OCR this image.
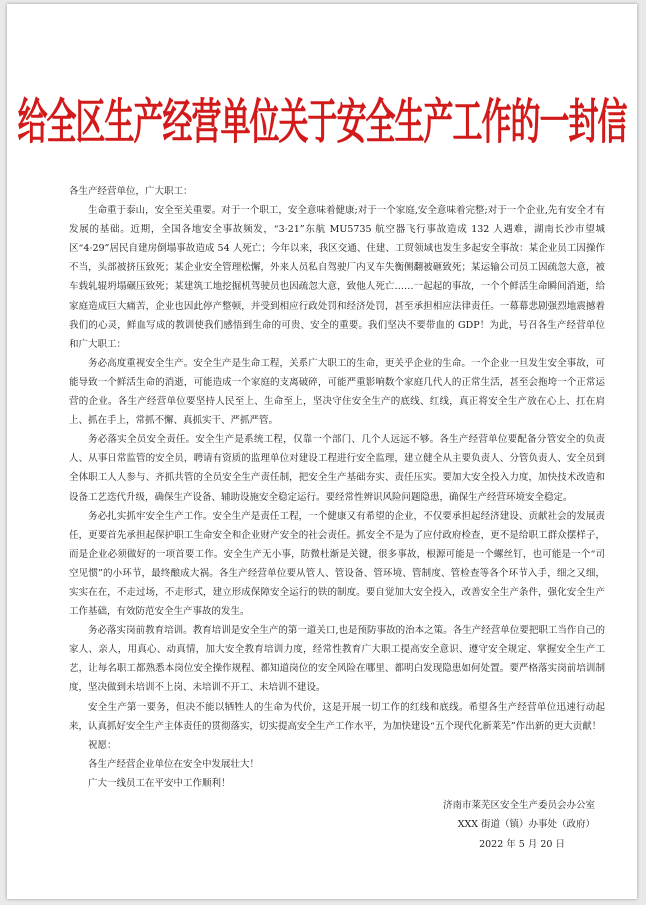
给全区生产经营单位关于安全生产工作的一封信

各生产经营单位，广大职工：

生命重于泰山，安全至关重要。对于一个职工，安全意味着健康;对于一个家庭,安全意味着完整;对于一个企业,先有安全才有发展的基础。近期，全国各地安全事故频发，“3·21”东航 MU5735 航空器飞行事故造成 132 人遇难，湖南长沙市望城区“4·29”居民自建房倒塌事故造成 54 人死亡；今年以来，我区交通、住建、工贸领域也发生多起安全事故：某企业员工因操作不当，头部被挤压致死；某企业安全管理松懈，外来人员私自驾驶厂内叉车失衡侧翻被砸致死；某运输公司员工因疏忽大意，被车载轧辊坍塌碾压致死；某建筑工地挖掘机驾驶员也因疏忽大意，致他人死亡……一起起的事故，一个个鲜活生命瞬间消逝，给家庭造成巨大痛苦，企业也因此停产整顿，并受到相应行政处罚和经济处罚，甚至承担相应法律责任。一幕幕悲剧强烈地震撼着我们的心灵，鲜血写成的教训使我们感悟到生命的可贵、安全的重要。我们坚决不要带血的 GDP！为此，号召各生产经营单位和广大职工：

务必高度重视安全生产。安全生产是生命工程，关系广大职工的生命，更关乎企业的生命。一个企业一旦发生安全事故，可能导致一个鲜活生命的消逝，可能造成一个家庭的支离破碎，可能严重影响数个家庭几代人的正常生活，甚至会拖垮一个正常运营的企业。各生产经营单位要坚持人民至上、生命至上，坚决守住安全生产的底线、红线，真正将安全生产放在心上、扛在肩上、抓在手上，常抓不懈、真抓实干、严抓严管。

务必落实全员安全责任。安全生产是系统工程，仅靠一个部门、几个人远远不够。各生产经营单位要配备分管安全的负责人、从事日常监管的安全员，聘请有资质的监理单位对建设工程进行安全监理，建立健全从主要负责人、分管负责人、安全员到全体职工人人参与、齐抓共管的全员安全生产责任制，把安全生产基础夯实、责任压实。要加大安全投入力度，加快技术改造和设备工艺迭代升级，确保生产设备、辅助设施安全稳定运行。要经常性辨识风险问题隐患，确保生产经营环境安全稳定。

务必扎实抓牢安全生产工作。安全生产是责任工程，一个健康又有希望的企业，不仅要承担起经济建设、贡献社会的发展责任，更要首先承担起保护职工生命安全和企业财产安全的社会责任。抓安全不是为了应付政府检查，更不是给职工群众摆样子，而是企业必须做好的一项首要工作。安全生产无小事，防微杜渐是关键，很多事故，根源可能是一个螺丝钉，也可能是一个“司空见惯”的小环节，最终酿成大祸。各生产经营单位要从管人、管设备、管环境、管制度、管检查等各个环节入手，细之又细，实实在在，不走过场，不走形式，建立形成保障安全运行的铁的制度。要自觉加大安全投入，改善安全生产条件，强化安全生产工作基础，有效防范安全生产事故的发生。

务必落实岗前教育培训。教育培训是安全生产的第一道关口,也是预防事故的治本之策。各生产经营单位要把职工当作自己的家人、亲人，用真心、动真情，加大安全教育培训力度，经常性教育广大职工提高安全意识、遵守安全规定、掌握安全生产工艺，让每名职工都熟悉本岗位安全操作规程、都知道岗位的安全风险在哪里、都明白发现隐患如何处置。要严格落实岗前培训制度，坚决做到未培训不上岗、未培训不开工、未培训不建设。

安全生产第一要务，但决不能以牺牲人的生命为代价，这是开展一切工作的红线和底线。希望各生产经营单位迅速行动起来，认真抓好安全生产主体责任的贯彻落实，切实提高安全生产工作水平，为加快建设“五个现代化新莱芜”作出新的更大贡献！

祝愿：

各生产经营企业单位在安全中发展壮大！

广大一线员工在平安中工作顺利！

济南市莱芜区安全生产委员会办公室
XXX 街道（镇）办事处（政府）
2022 年 5 月 20 日
